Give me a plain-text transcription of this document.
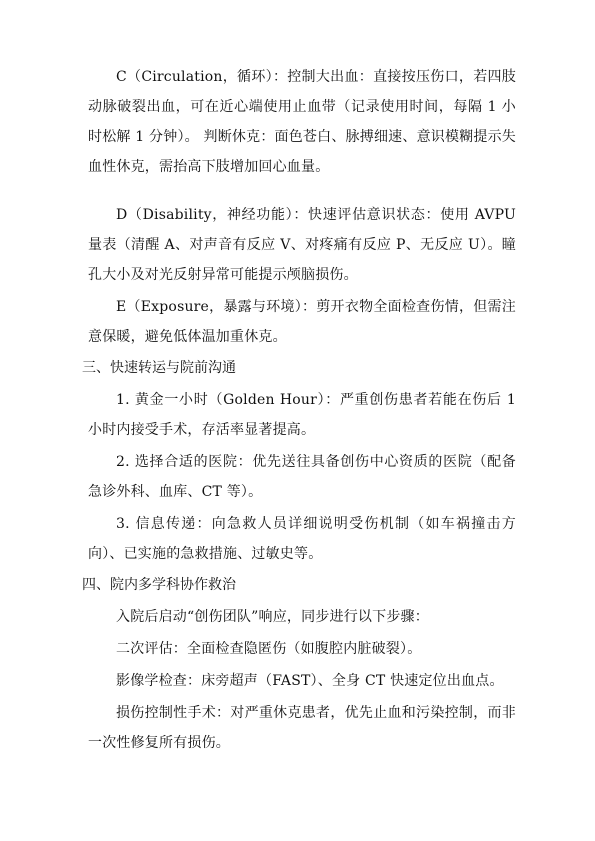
C（Circulation，循环）：控制大出血：直接按压伤口，若四肢动脉破裂出血，可在近心端使用止血带（记录使用时间，每隔 1 小时松解 1 分钟）。 判断休克：面色苍白、脉搏细速、意识模糊提示失血性休克，需抬高下肢增加回心血量。

D（Disability，神经功能）：快速评估意识状态：使用 AVPU 量表（清醒 A、对声音有反应 V、对疼痛有反应 P、无反应 U）。瞳孔大小及对光反射异常可能提示颅脑损伤。

E（Exposure，暴露与环境）：剪开衣物全面检查伤情，但需注意保暖，避免低体温加重休克。

三、快速转运与院前沟通

1. 黄金一小时（Golden Hour）：严重创伤患者若能在伤后 1 小时内接受手术，存活率显著提高。

2. 选择合适的医院：优先送往具备创伤中心资质的医院（配备急诊外科、血库、CT 等）。

3. 信息传递：向急救人员详细说明受伤机制（如车祸撞击方向）、已实施的急救措施、过敏史等。

四、院内多学科协作救治

入院后启动“创伤团队”响应，同步进行以下步骤：

二次评估：全面检查隐匿伤（如腹腔内脏破裂）。

影像学检查：床旁超声（FAST）、全身 CT 快速定位出血点。

损伤控制性手术：对严重休克患者，优先止血和污染控制，而非一次性修复所有损伤。
